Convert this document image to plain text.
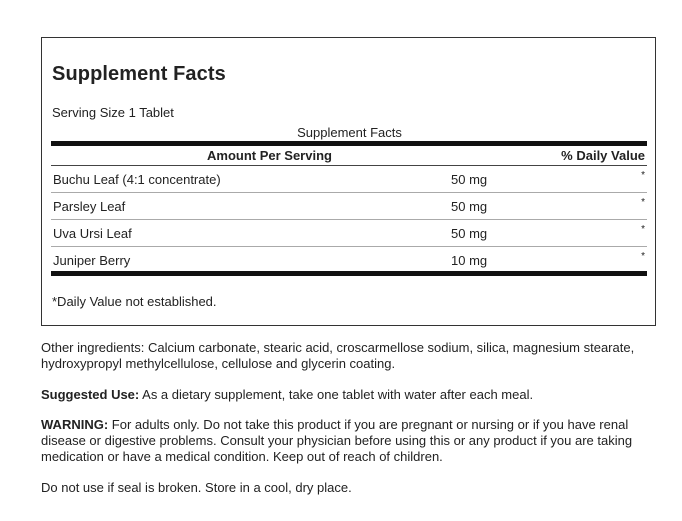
Supplement Facts
Serving Size 1 Tablet
Supplement Facts
Amount Per Serving	% Daily Value
Buchu Leaf (4:1 concentrate)	50 mg	*
Parsley Leaf	50 mg	*
Uva Ursi Leaf	50 mg	*
Juniper Berry	10 mg	*
*Daily Value not established.

Other ingredients: Calcium carbonate, stearic acid, croscarmellose sodium, silica, magnesium stearate, hydroxypropyl methylcellulose, cellulose and glycerin coating.

Suggested Use: As a dietary supplement, take one tablet with water after each meal.

WARNING: For adults only. Do not take this product if you are pregnant or nursing or if you have renal disease or digestive problems. Consult your physician before using this or any product if you are taking medication or have a medical condition. Keep out of reach of children.

Do not use if seal is broken. Store in a cool, dry place.
